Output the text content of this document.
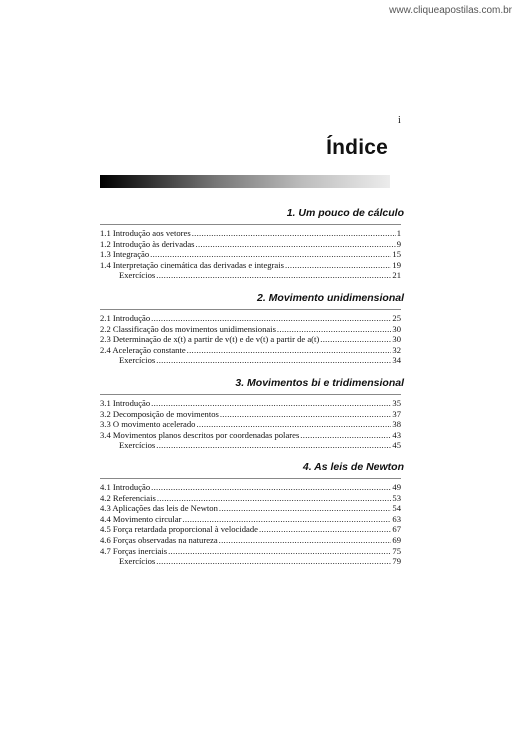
www.cliqueapostilas.com.br
i
Índice
1. Um pouco de cálculo
1.1 Introdução aos vetores .....	1
1.2 Introdução às derivadas .....	9
1.3 Integração .....	15
1.4 Interpretação cinemática das derivadas e integrais .....	19
Exercícios .....	21
2. Movimento unidimensional
2.1 Introdução .....	25
2.2 Classificação dos movimentos unidimensionais .....	30
2.3 Determinação de x(t) a partir de v(t) e de v(t) a partir de a(t) .....	30
2.4 Aceleração constante .....	32
Exercícios .....	34
3. Movimentos bi e tridimensional
3.1 Introdução .....	35
3.2 Decomposição de movimentos .....	37
3.3 O movimento acelerado .....	38
3.4 Movimentos planos descritos por coordenadas polares .....	43
Exercícios .....	45
4. As leis de Newton
4.1 Introdução .....	49
4.2 Referenciais .....	53
4.3 Aplicações das leis de Newton .....	54
4.4 Movimento circular .....	63
4.5 Força retardada proporcional à velocidade .....	67
4.6 Forças observadas na natureza .....	69
4.7 Forças inerciais .....	75
Exercícios .....	79
